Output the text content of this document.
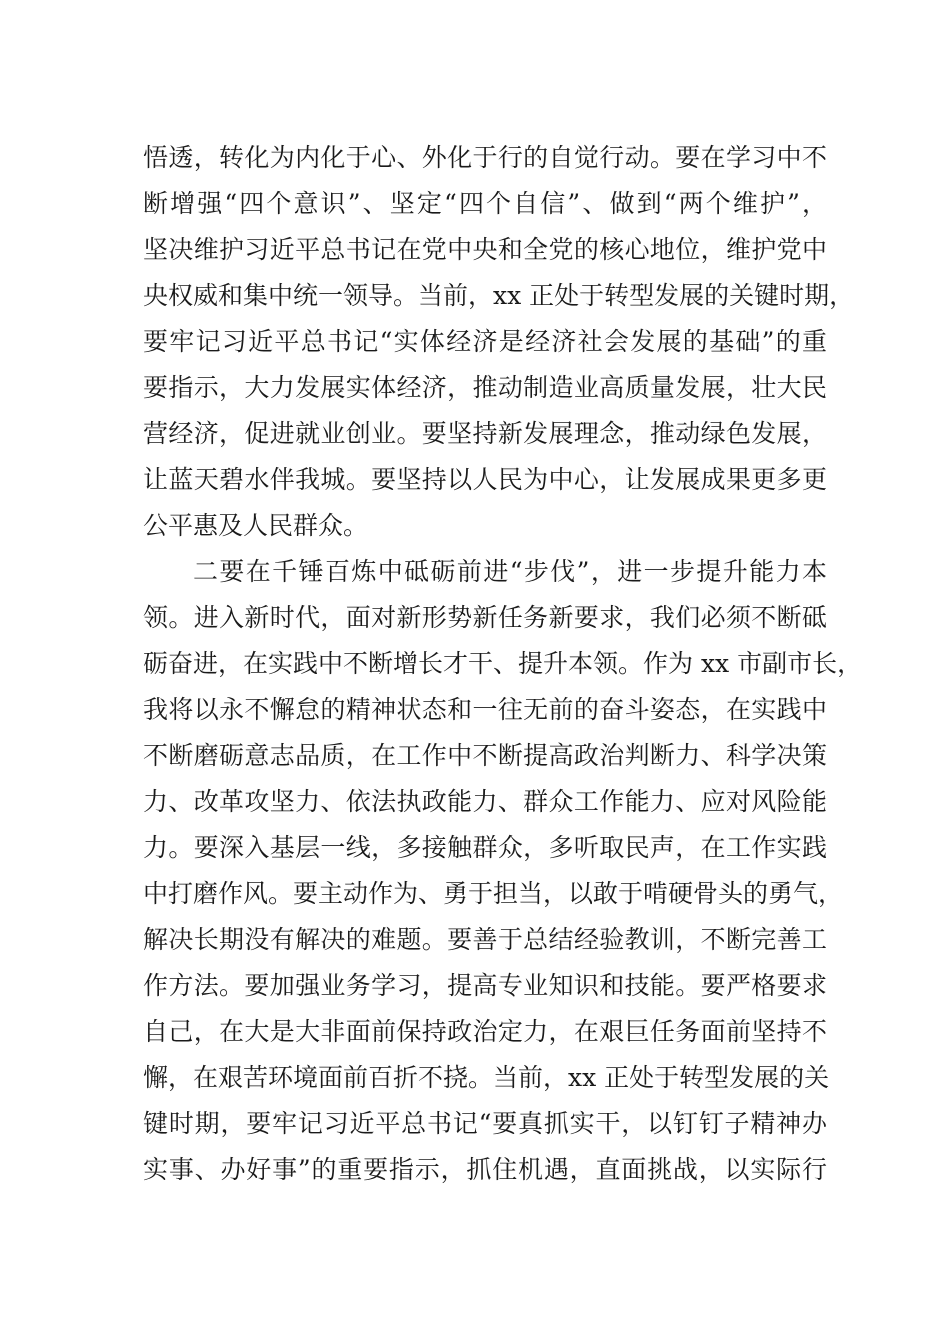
悟透，转化为内化于心、外化于行的自觉行动。要在学习中不
断增强“四个意识”、坚定“四个自信”、做到“两个维护”，
坚决维护习近平总书记在党中央和全党的核心地位，维护党中
央权威和集中统一领导。当前，xx 正处于转型发展的关键时期，
要牢记习近平总书记“实体经济是经济社会发展的基础”的重
要指示，大力发展实体经济，推动制造业高质量发展，壮大民
营经济，促进就业创业。要坚持新发展理念，推动绿色发展，
让蓝天碧水伴我城。要坚持以人民为中心，让发展成果更多更
公平惠及人民群众。
二要在千锤百炼中砥砺前进“步伐”，进一步提升能力本
领。进入新时代，面对新形势新任务新要求，我们必须不断砥
砺奋进，在实践中不断增长才干、提升本领。作为 xx 市副市长，
我将以永不懈怠的精神状态和一往无前的奋斗姿态，在实践中
不断磨砺意志品质，在工作中不断提高政治判断力、科学决策
力、改革攻坚力、依法执政能力、群众工作能力、应对风险能
力。要深入基层一线，多接触群众，多听取民声，在工作实践
中打磨作风。要主动作为、勇于担当，以敢于啃硬骨头的勇气，
解决长期没有解决的难题。要善于总结经验教训，不断完善工
作方法。要加强业务学习，提高专业知识和技能。要严格要求
自己，在大是大非面前保持政治定力，在艰巨任务面前坚持不
懈，在艰苦环境面前百折不挠。当前，xx 正处于转型发展的关
键时期，要牢记习近平总书记“要真抓实干，以钉钉子精神办
实事、办好事”的重要指示，抓住机遇，直面挑战，以实际行
